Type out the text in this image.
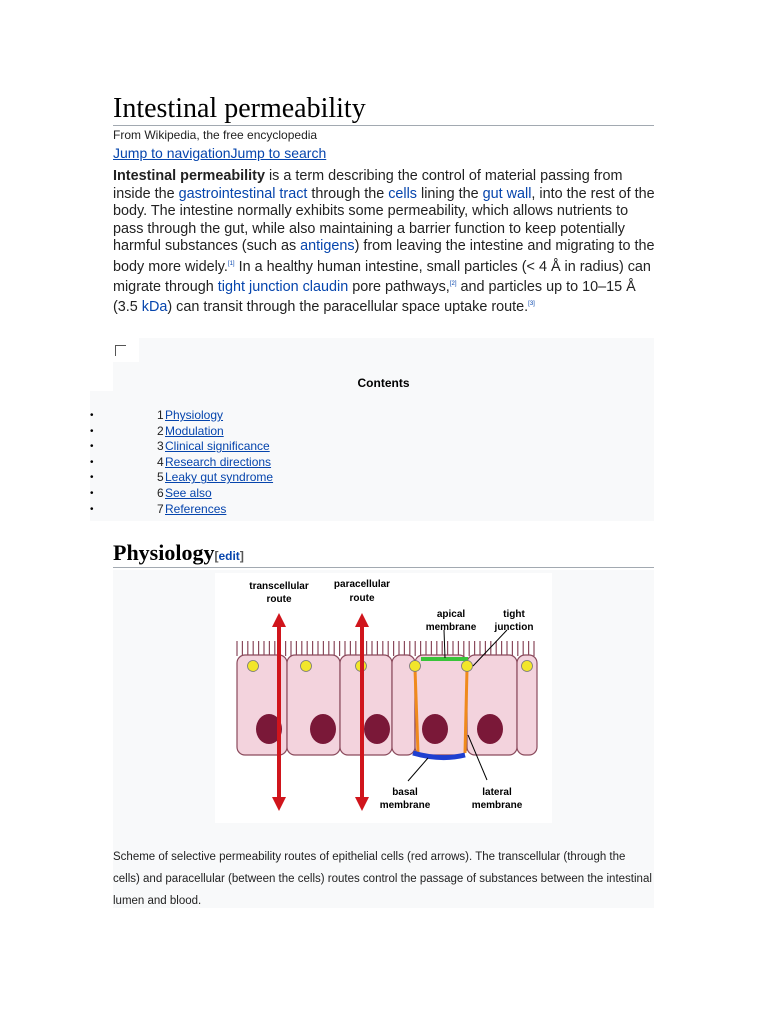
Intestinal permeability
From Wikipedia, the free encyclopedia
Jump to navigationJump to search

Intestinal permeability is a term describing the control of material passing from inside the gastrointestinal tract through the cells lining the gut wall, into the rest of the body. The intestine normally exhibits some permeability, which allows nutrients to pass through the gut, while also maintaining a barrier function to keep potentially harmful substances (such as antigens) from leaving the intestine and migrating to the body more widely.[1] In a healthy human intestine, small particles (< 4 Å in radius) can migrate through tight junction claudin pore pathways,[2] and particles up to 10–15 Å (3.5 kDa) can transit through the paracellular space uptake route.[3]

Contents
•	1 Physiology
•	2 Modulation
•	3 Clinical significance
•	4 Research directions
•	5 Leaky gut syndrome
•	6 See also
•	7 References
Physiology[edit]
transcellular
route
paracellular
route
apical
membrane
tight
junction
basal
membrane
lateral
membrane

Scheme of selective permeability routes of epithelial cells (red arrows). The transcellular (through the cells) and paracellular (between the cells) routes control the passage of substances between the intestinal lumen and blood.
